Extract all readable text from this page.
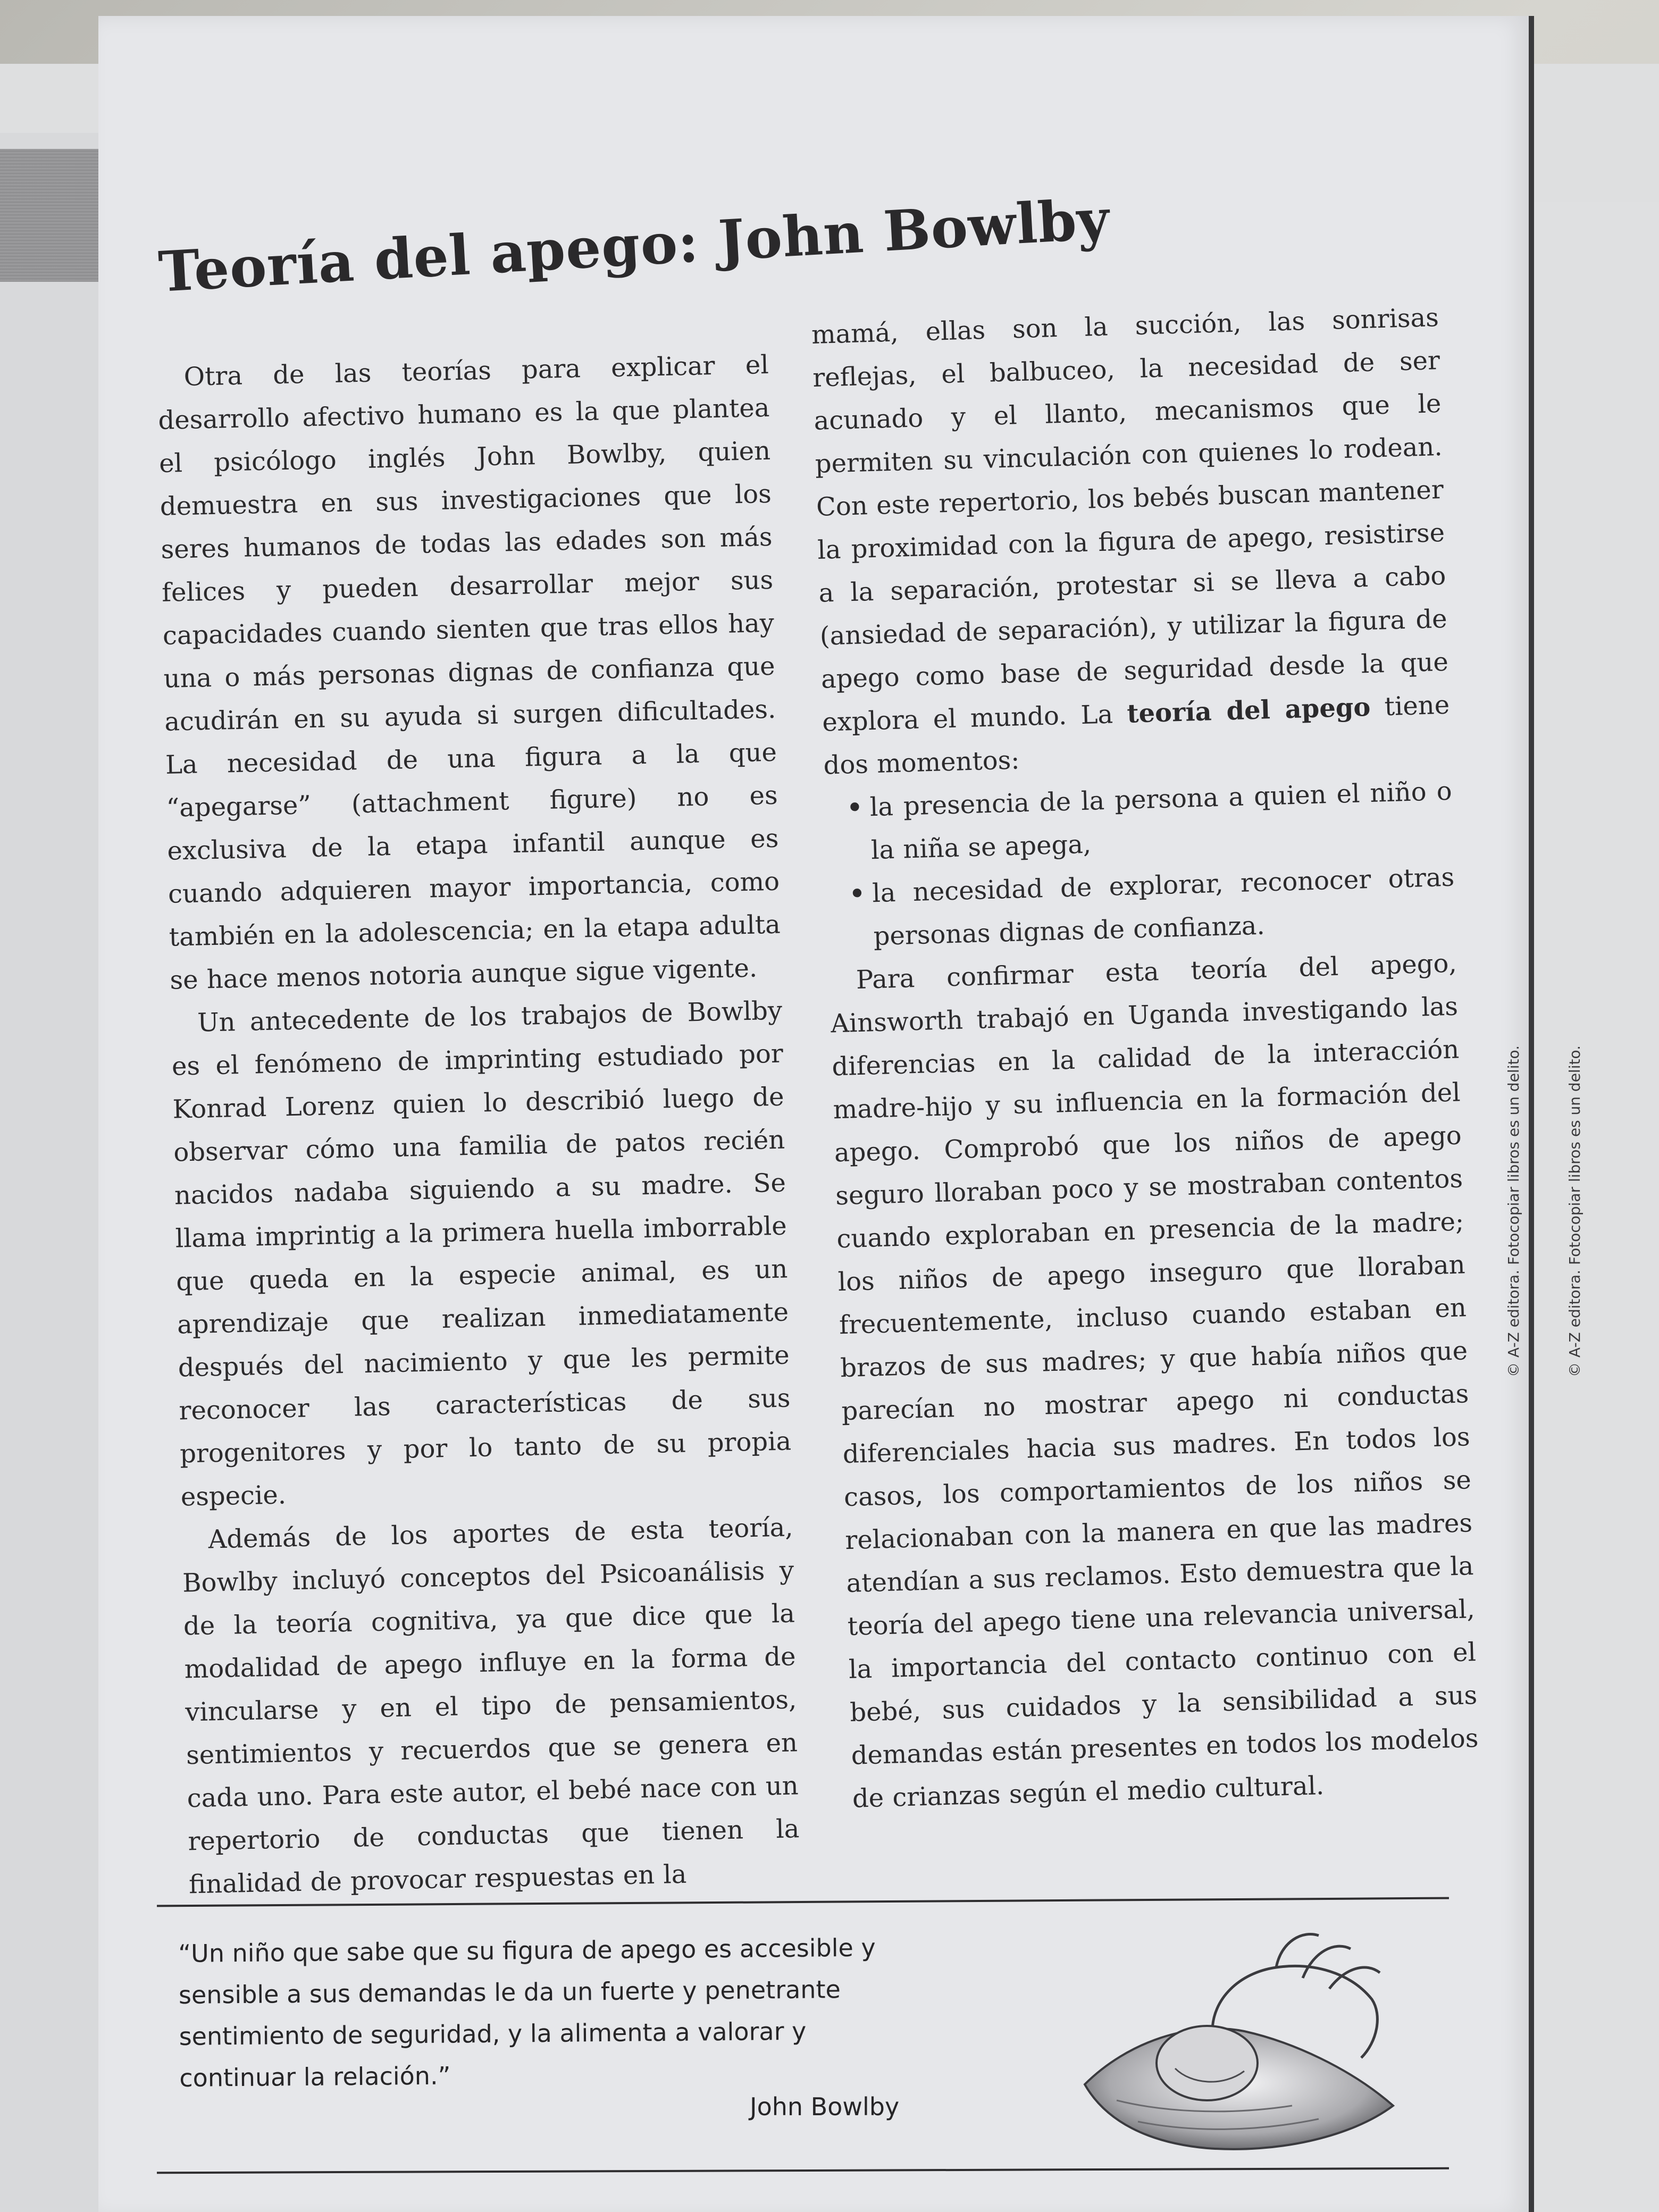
Teoría del apego: John Bowlby

Otra de las teorías para explicar el desarrollo afectivo humano es la que plantea el psicólogo inglés John Bowlby, quien demuestra en sus investigaciones que los seres humanos de todas las edades son más felices y pueden desarrollar mejor sus capacidades cuando sienten que tras ellos hay una o más personas dignas de confianza que acudirán en su ayuda si surgen dificultades. La necesidad de una figura a la que “apegarse” (attachment figure) no es exclusiva de la etapa infantil aunque es cuando adquieren mayor importancia, como también en la adolescencia; en la etapa adulta se hace menos notoria aunque sigue vigente.

Un antecedente de los trabajos de Bowlby es el fenómeno de imprinting estudiado por Konrad Lorenz quien lo describió luego de observar cómo una familia de patos recién nacidos nadaba siguiendo a su madre. Se llama imprintig a la primera huella imborrable que queda en la especie animal, es un aprendizaje que realizan inmediatamente después del nacimiento y que les permite reconocer las características de sus progenitores y por lo tanto de su propia especie.

Además de los aportes de esta teoría, Bowlby incluyó conceptos del Psicoanálisis y de la teoría cognitiva, ya que dice que la modalidad de apego influye en la forma de vincularse y en el tipo de pensamientos, sentimientos y recuerdos que se genera en cada uno. Para este autor, el bebé nace con un repertorio de conductas que tienen la finalidad de provocar respuestas en la

mamá, ellas son la succión, las sonrisas reflejas, el balbuceo, la necesidad de ser acunado y el llanto, mecanismos que le permiten su vinculación con quienes lo rodean. Con este repertorio, los bebés buscan mantener la proximidad con la figura de apego, resistirse a la separación, protestar si se lleva a cabo (ansiedad de separación), y utilizar la figura de apego como base de seguridad desde la que explora el mundo. La teoría del apego tiene dos momentos:

• la presencia de la persona a quien el niño o la niña se apega,
• la necesidad de explorar, reconocer otras personas dignas de confianza.

Para confirmar esta teoría del apego, Ainsworth trabajó en Uganda investigando las diferencias en la calidad de la interacción madre-hijo y su influencia en la formación del apego. Comprobó que los niños de apego seguro lloraban poco y se mostraban contentos cuando exploraban en presencia de la madre; los niños de apego inseguro que lloraban frecuentemente, incluso cuando estaban en brazos de sus madres; y que había niños que parecían no mostrar apego ni conductas diferenciales hacia sus madres. En todos los casos, los comportamientos de los niños se relacionaban con la manera en que las madres atendían a sus reclamos. Esto demuestra que la teoría del apego tiene una relevancia universal, la importancia del contacto continuo con el bebé, sus cuidados y la sensibilidad a sus demandas están presentes en todos los modelos de crianzas según el medio cultural.

“Un niño que sabe que su figura de apego es accesible y sensible a sus demandas le da un fuerte y penetrante sentimiento de seguridad, y la alimenta a valorar y continuar la relación.”
John Bowlby
© A-Z editora. Fotocopiar libros es un delito.	© A-Z editora. Fotocopiar libros es un delito.
